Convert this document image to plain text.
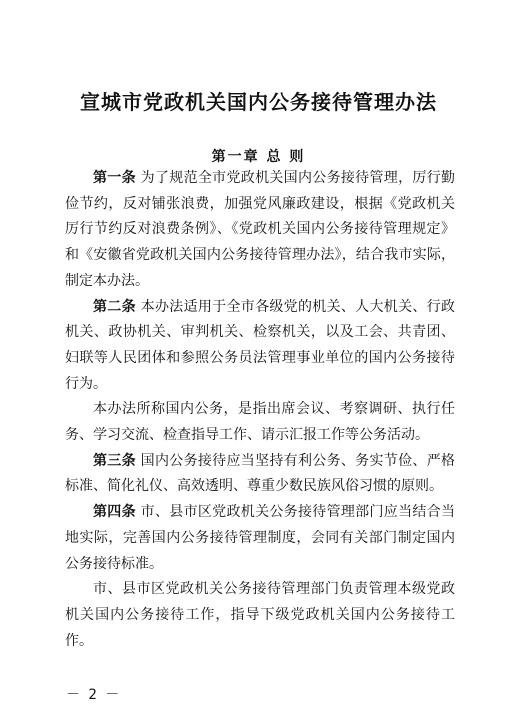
宣城市党政机关国内公务接待管理办法
第一章 总 则

第一条 为了规范全市党政机关国内公务接待管理，厉行勤俭节约，反对铺张浪费，加强党风廉政建设，根据《党政机关厉行节约反对浪费条例》、《党政机关国内公务接待管理规定》和《安徽省党政机关国内公务接待管理办法》，结合我市实际，制定本办法。

第二条 本办法适用于全市各级党的机关、人大机关、行政机关、政协机关、审判机关、检察机关，以及工会、共青团、妇联等人民团体和参照公务员法管理事业单位的国内公务接待行为。

本办法所称国内公务，是指出席会议、考察调研、执行任务、学习交流、检查指导工作、请示汇报工作等公务活动。

第三条 国内公务接待应当坚持有利公务、务实节俭、严格标准、简化礼仪、高效透明、尊重少数民族风俗习惯的原则。

第四条 市、县市区党政机关公务接待管理部门应当结合当地实际，完善国内公务接待管理制度，会同有关部门制定国内公务接待标准。

市、县市区党政机关公务接待管理部门负责管理本级党政机关国内公务接待工作，指导下级党政机关国内公务接待工作。

－ 2 －
